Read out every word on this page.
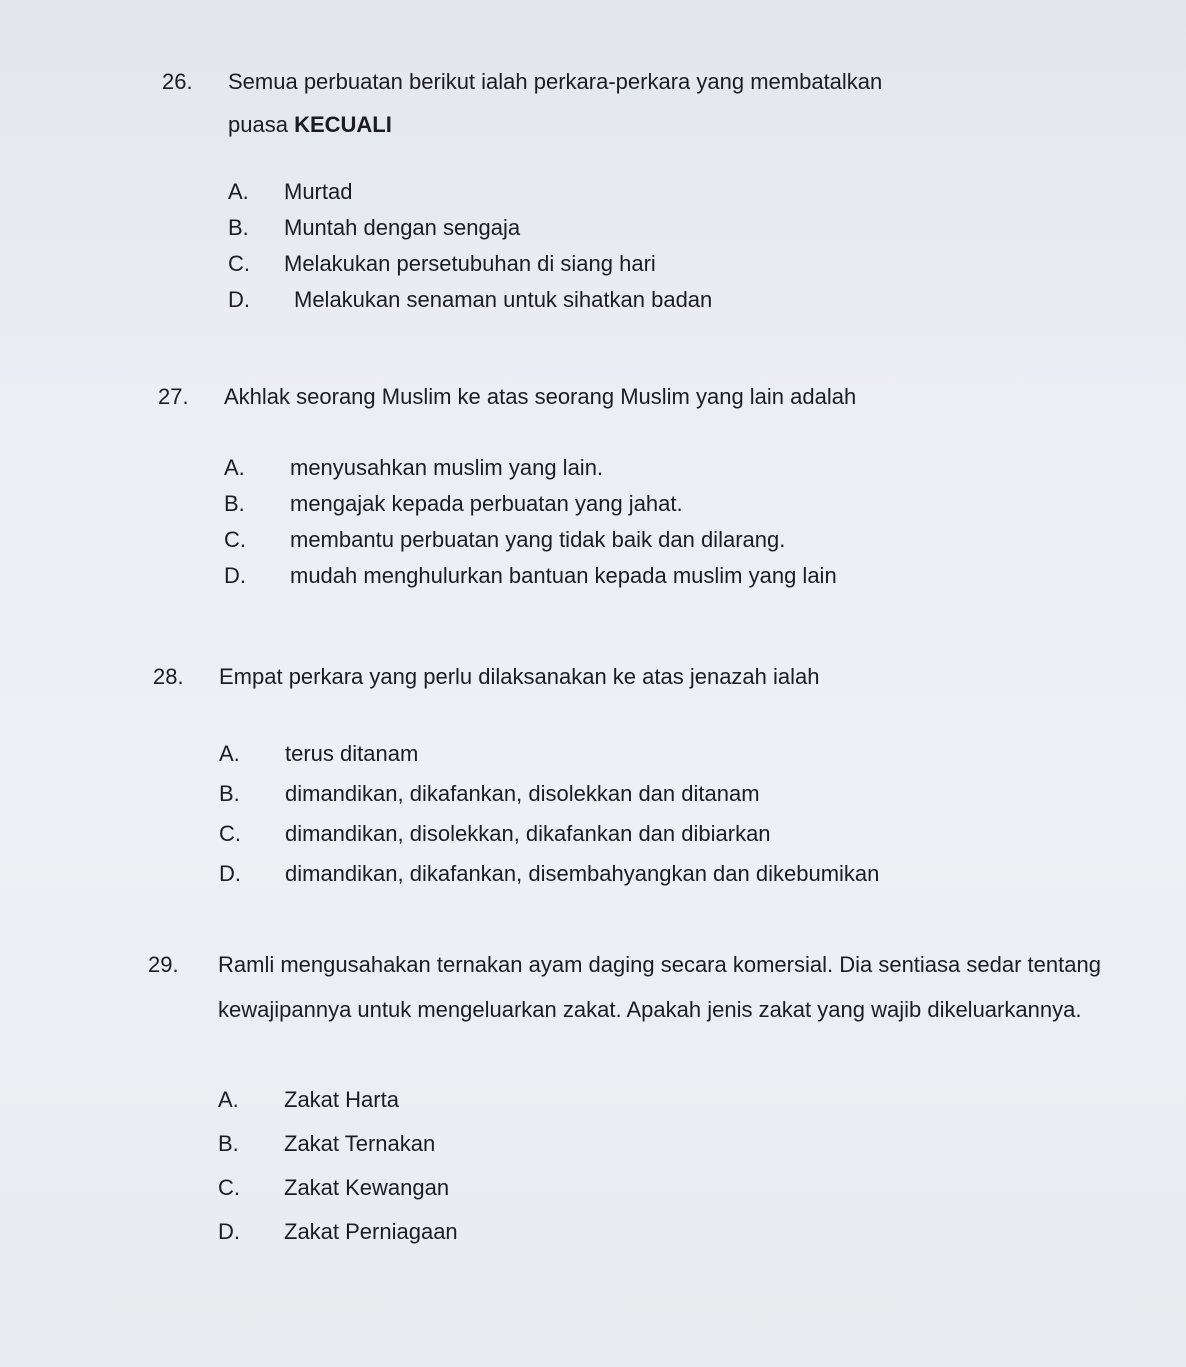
26.	Semua perbuatan berikut ialah perkara-perkara yang membatalkan puasa KECUALI
A.	Murtad
B.	Muntah dengan sengaja
C.	Melakukan persetubuhan di siang hari
D.	Melakukan senaman untuk sihatkan badan
27.	Akhlak seorang Muslim ke atas seorang Muslim yang lain adalah
A.	menyusahkan muslim yang lain.
B.	mengajak kepada perbuatan yang jahat.
C.	membantu perbuatan yang tidak baik dan dilarang.
D.	mudah menghulurkan bantuan kepada muslim yang lain
28.	Empat perkara yang perlu dilaksanakan ke atas jenazah ialah
A.	terus ditanam
B.	dimandikan, dikafankan, disolekkan dan ditanam
C.	dimandikan, disolekkan, dikafankan dan dibiarkan
D.	dimandikan, dikafankan, disembahyangkan dan dikebumikan
29.	Ramli mengusahakan ternakan ayam daging secara komersial. Dia sentiasa sedar tentang kewajipannya untuk mengeluarkan zakat. Apakah jenis zakat yang wajib dikeluarkannya.
A.	Zakat Harta
B.	Zakat Ternakan
C.	Zakat Kewangan
D.	Zakat Perniagaan
